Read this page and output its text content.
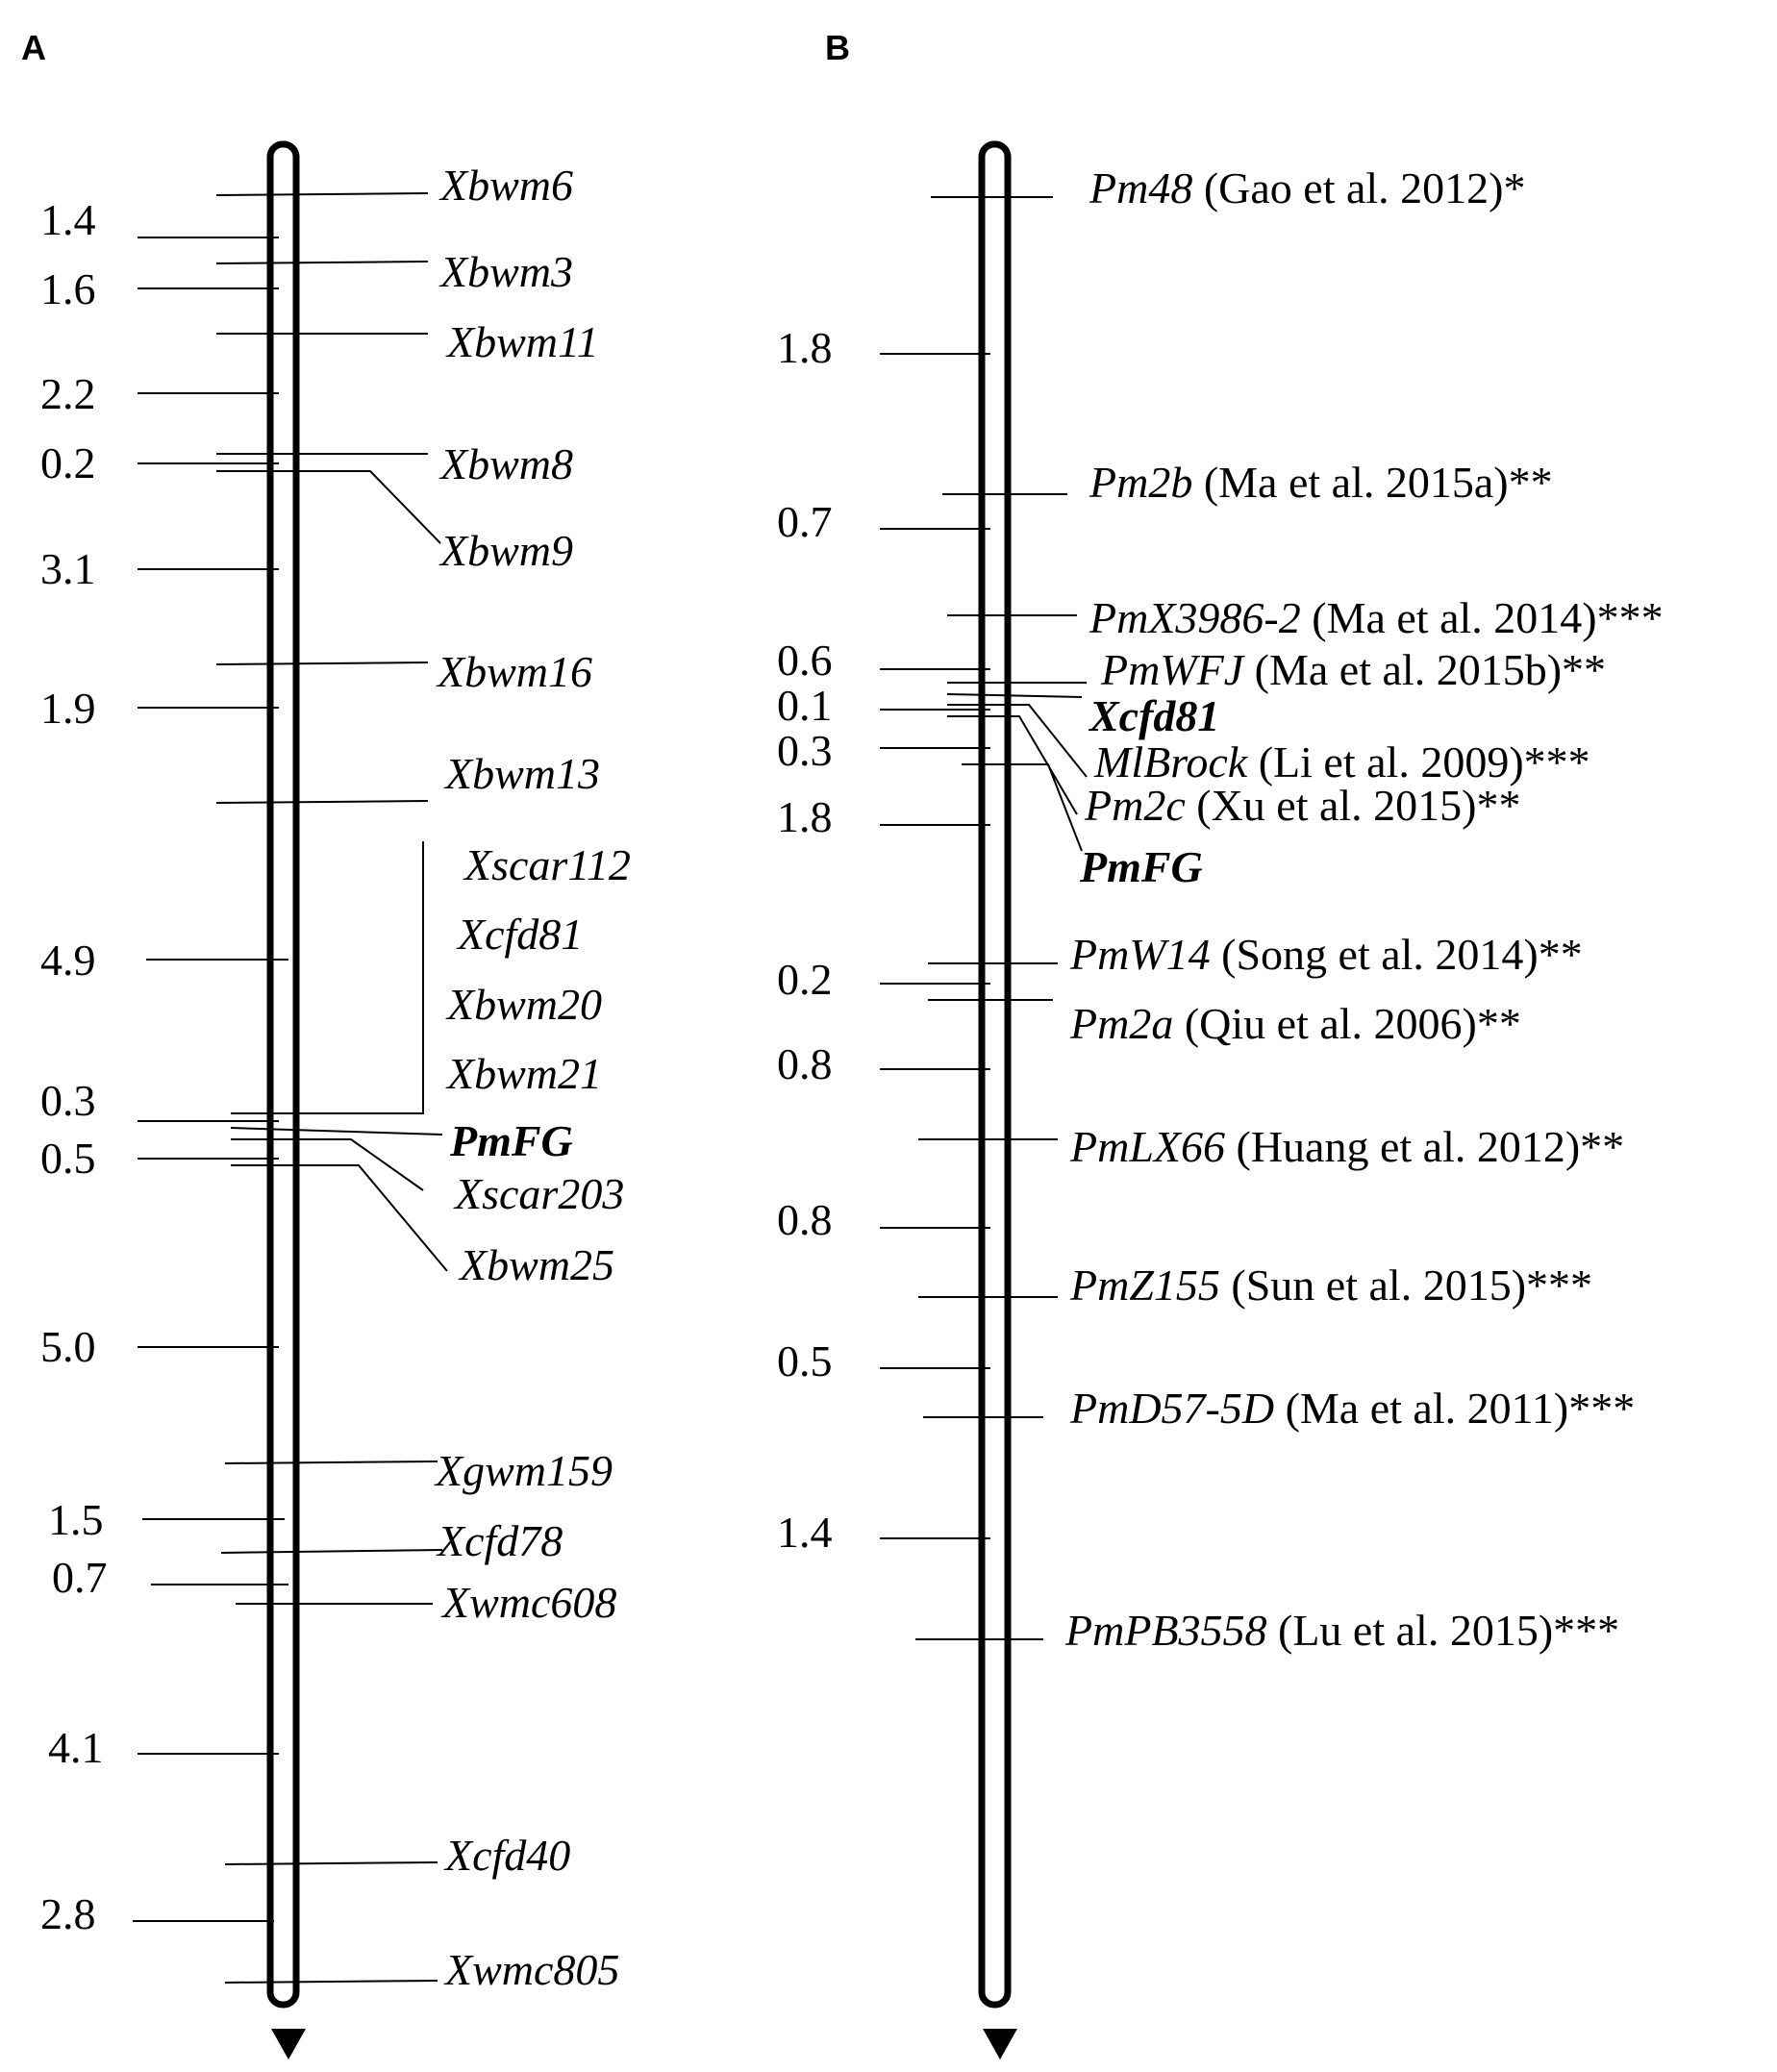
A	B
1.4
1.6
2.2
0.2
3.1
1.9
4.9
0.3
0.5
5.0
1.5
0.7
4.1
2.8
Xbwm6
Xbwm3
Xbwm11
Xbwm8
Xbwm9
Xbwm16
Xbwm13
Xscar112
Xcfd81
Xbwm20
Xbwm21
PmFG
Xscar203
Xbwm25
Xgwm159
Xcfd78
Xwmc608
Xcfd40
Xwmc805
1.8
0.7
0.6
0.1
0.3
1.8
0.2
0.8
0.8
0.5
1.4
Pm48 (Gao et al. 2012)*
Pm2b (Ma et al. 2015a)**
PmX3986-2 (Ma et al. 2014)***
PmWFJ (Ma et al. 2015b)**
Xcfd81
MlBrock (Li et al. 2009)***
Pm2c (Xu et al. 2015)**
PmFG
PmW14 (Song et al. 2014)**
Pm2a (Qiu et al. 2006)**
PmLX66 (Huang et al. 2012)**
PmZ155 (Sun et al. 2015)***
PmD57-5D (Ma et al. 2011)***
PmPB3558 (Lu et al. 2015)***
